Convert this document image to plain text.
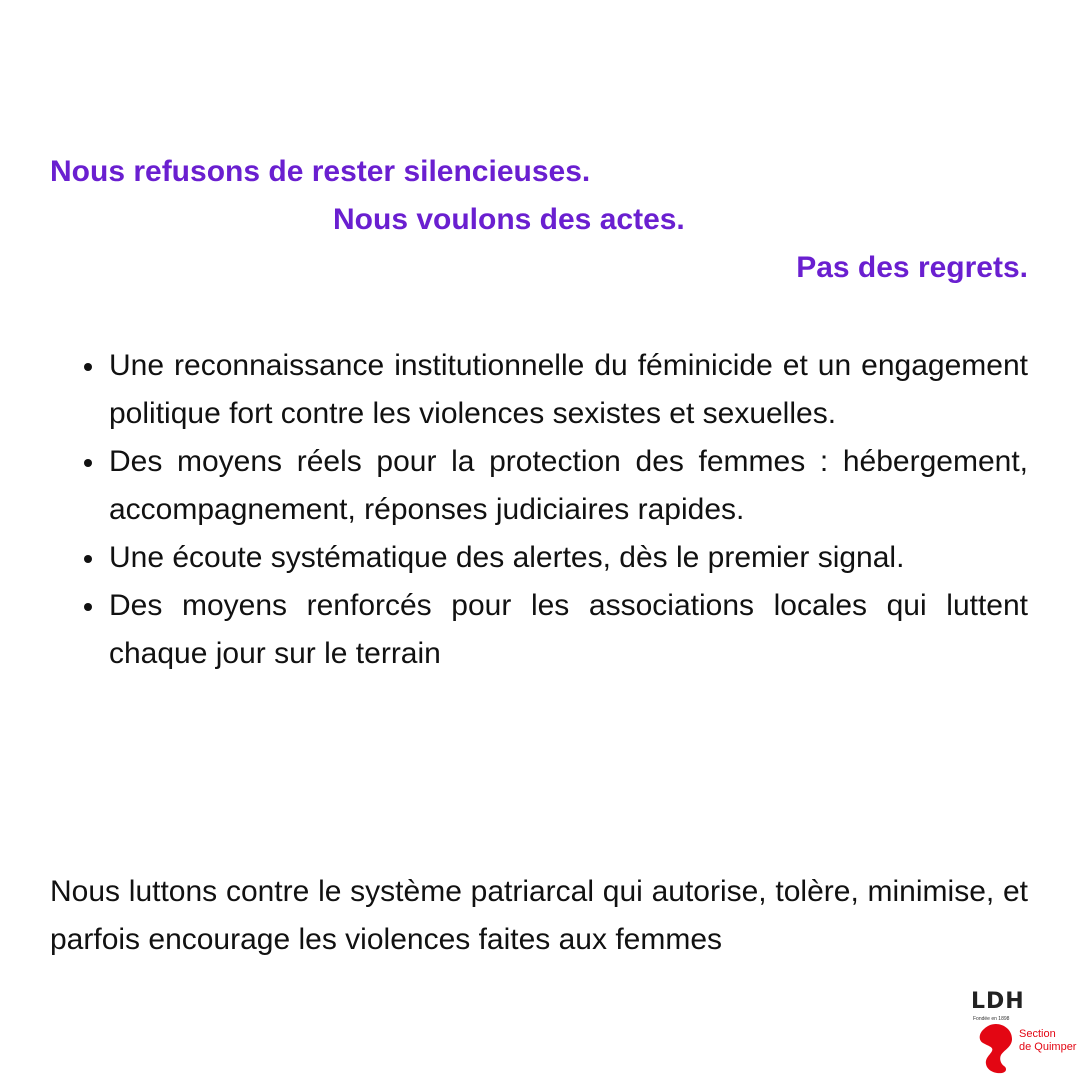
Nous refusons de rester silencieuses.
Nous voulons des actes.
Pas des regrets.
Une reconnaissance institutionnelle du féminicide et un engagement politique fort contre les violences sexistes et sexuelles.
Des moyens réels pour la protection des femmes : hébergement, accompagnement, réponses judiciaires rapides.
Une écoute systématique des alertes, dès le premier signal.
Des moyens renforcés pour les associations locales qui luttent chaque jour sur le terrain

Nous luttons contre le système patriarcal qui autorise, tolère, minimise, et parfois encourage les violences faites aux femmes

LDH
Fondée en 1898
Section
de Quimper
